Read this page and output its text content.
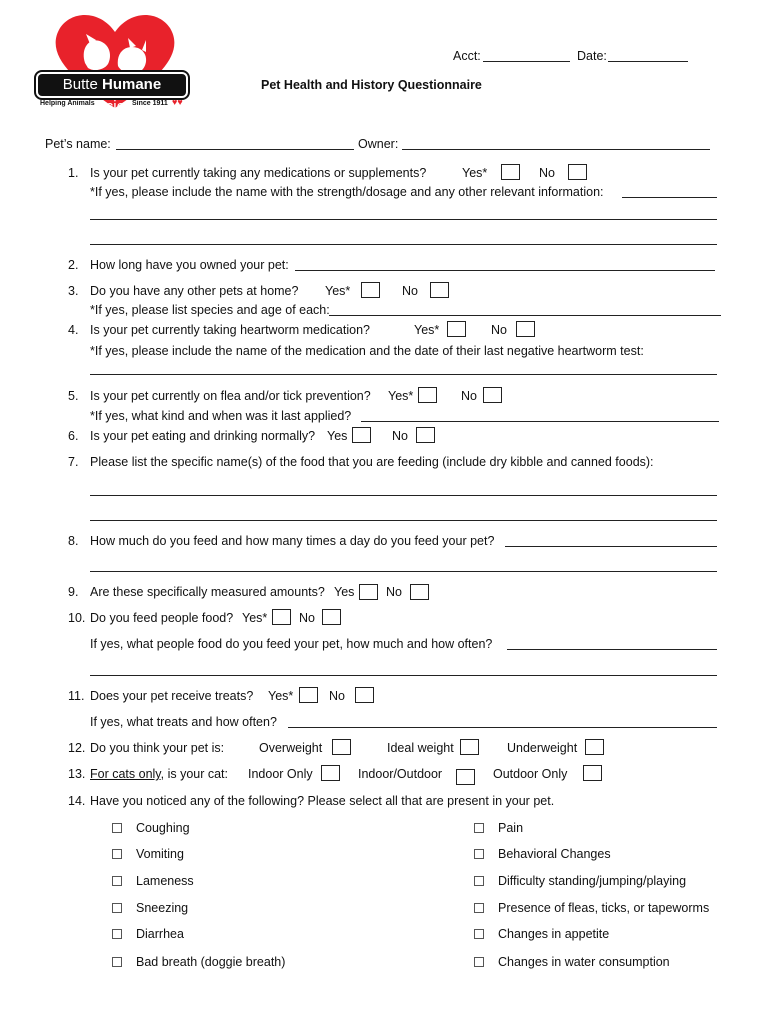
Butte Humane Society
Helping Animals	Since 1911 ♥♥
Acct:	Date:
Pet Health and History Questionnaire
Pet’s name:	Owner:
1. Is your pet currently taking any medications or supplements?	Yes*	No
*If yes, please include the name with the strength/dosage and any other relevant information:
2. How long have you owned your pet:
3. Do you have any other pets at home? Yes*	No
*If yes, please list species and age of each:
4. Is your pet currently taking heartworm medication?	Yes*	No
*If yes, please include the name of the medication and the date of their last negative heartworm test:
5. Is your pet currently on flea and/or tick prevention? Yes*	No
*If yes, what kind and when was it last applied?
6. Is your pet eating and drinking normally? Yes	No
7. Please list the specific name(s) of the food that you are feeding (include dry kibble and canned foods):
8. How much do you feed and how many times a day do you feed your pet?
9. Are these specifically measured amounts? Yes	No
10. Do you feed people food? Yes*	No
If yes, what people food do you feed your pet, how much and how often?
11. Does your pet receive treats? Yes*	No
If yes, what treats and how often?
12. Do you think your pet is:	Overweight	Ideal weight	Underweight
13. For cats only, is your cat: Indoor Only	Indoor/Outdoor	Outdoor Only
14. Have you noticed any of the following? Please select all that are present in your pet.
Coughing
Vomiting
Lameness
Sneezing
Diarrhea
Bad breath (doggie breath)
Pain
Behavioral Changes
Difficulty standing/jumping/playing
Presence of fleas, ticks, or tapeworms
Changes in appetite
Changes in water consumption
